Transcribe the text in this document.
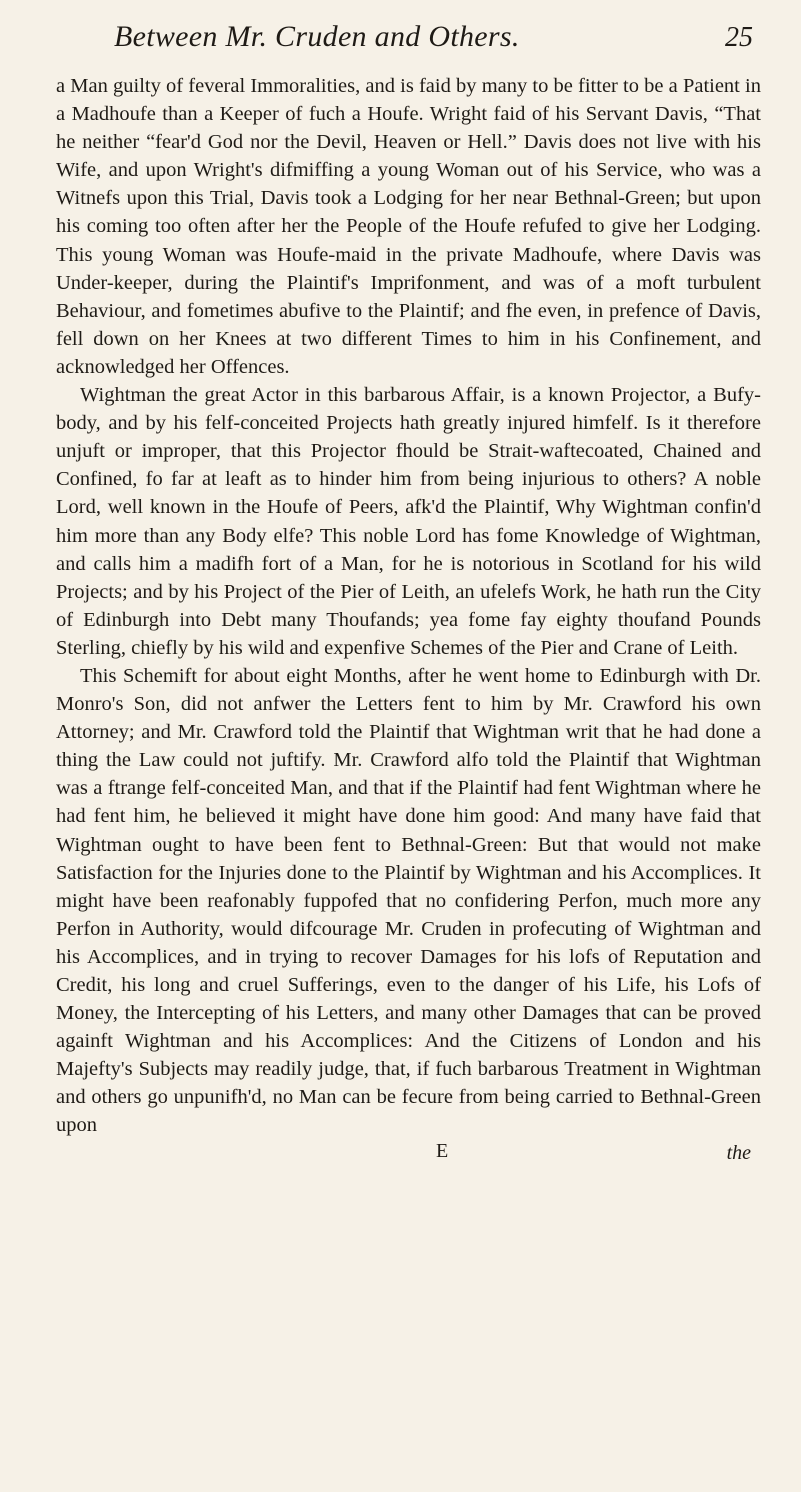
Between Mr. Cruden and Others.	25

a Man guilty of feveral Immoralities, and is faid by many to be fitter to be a Patient in a Madhoufe than a Keeper of fuch a Houfe. Wright faid of his Servant Davis, “That he neither “fear'd God nor the Devil, Heaven or Hell.” Davis does not live with his Wife, and upon Wright's difmiffing a young Woman out of his Service, who was a Witnefs upon this Trial, Davis took a Lodging for her near Bethnal-Green; but upon his coming too often after her the People of the Houfe refufed to give her Lodging. This young Woman was Houfe-maid in the private Madhoufe, where Davis was Under-keeper, during the Plaintif's Imprifonment, and was of a moft turbulent Behaviour, and fometimes abufive to the Plaintif; and fhe even, in prefence of Davis, fell down on her Knees at two different Times to him in his Confinement, and acknowledged her Offences.

Wightman the great Actor in this barbarous Affair, is a known Projector, a Bufy-body, and by his felf-conceited Projects hath greatly injured himfelf. Is it therefore unjuft or improper, that this Projector fhould be Strait-waftecoated, Chained and Confined, fo far at leaft as to hinder him from being injurious to others? A noble Lord, well known in the Houfe of Peers, afk'd the Plaintif, Why Wightman confin'd him more than any Body elfe? This noble Lord has fome Knowledge of Wightman, and calls him a madifh fort of a Man, for he is notorious in Scotland for his wild Projects; and by his Project of the Pier of Leith, an ufelefs Work, he hath run the City of Edinburgh into Debt many Thoufands; yea fome fay eighty thoufand Pounds Sterling, chiefly by his wild and expenfive Schemes of the Pier and Crane of Leith.

This Schemift for about eight Months, after he went home to Edinburgh with Dr. Monro's Son, did not anfwer the Letters fent to him by Mr. Crawford his own Attorney; and Mr. Crawford told the Plaintif that Wightman writ that he had done a thing the Law could not juftify. Mr. Crawford alfo told the Plaintif that Wightman was a ftrange felf-conceited Man, and that if the Plaintif had fent Wightman where he had fent him, he believed it might have done him good: And many have faid that Wightman ought to have been fent to Bethnal-Green: But that would not make Satisfaction for the Injuries done to the Plaintif by Wightman and his Accomplices. It might have been reafonably fuppofed that no confidering Perfon, much more any Perfon in Authority, would difcourage Mr. Cruden in profecuting of Wightman and his Accomplices, and in trying to recover Damages for his lofs of Reputation and Credit, his long and cruel Sufferings, even to the danger of his Life, his Lofs of Money, the Intercepting of his Letters, and many other Damages that can be proved againft Wightman and his Accomplices: And the Citizens of London and his Majefty's Subjects may readily judge, that, if fuch barbarous Treatment in Wightman and others go unpunifh'd, no Man can be fecure from being carried to Bethnal-Green upon

E	the
